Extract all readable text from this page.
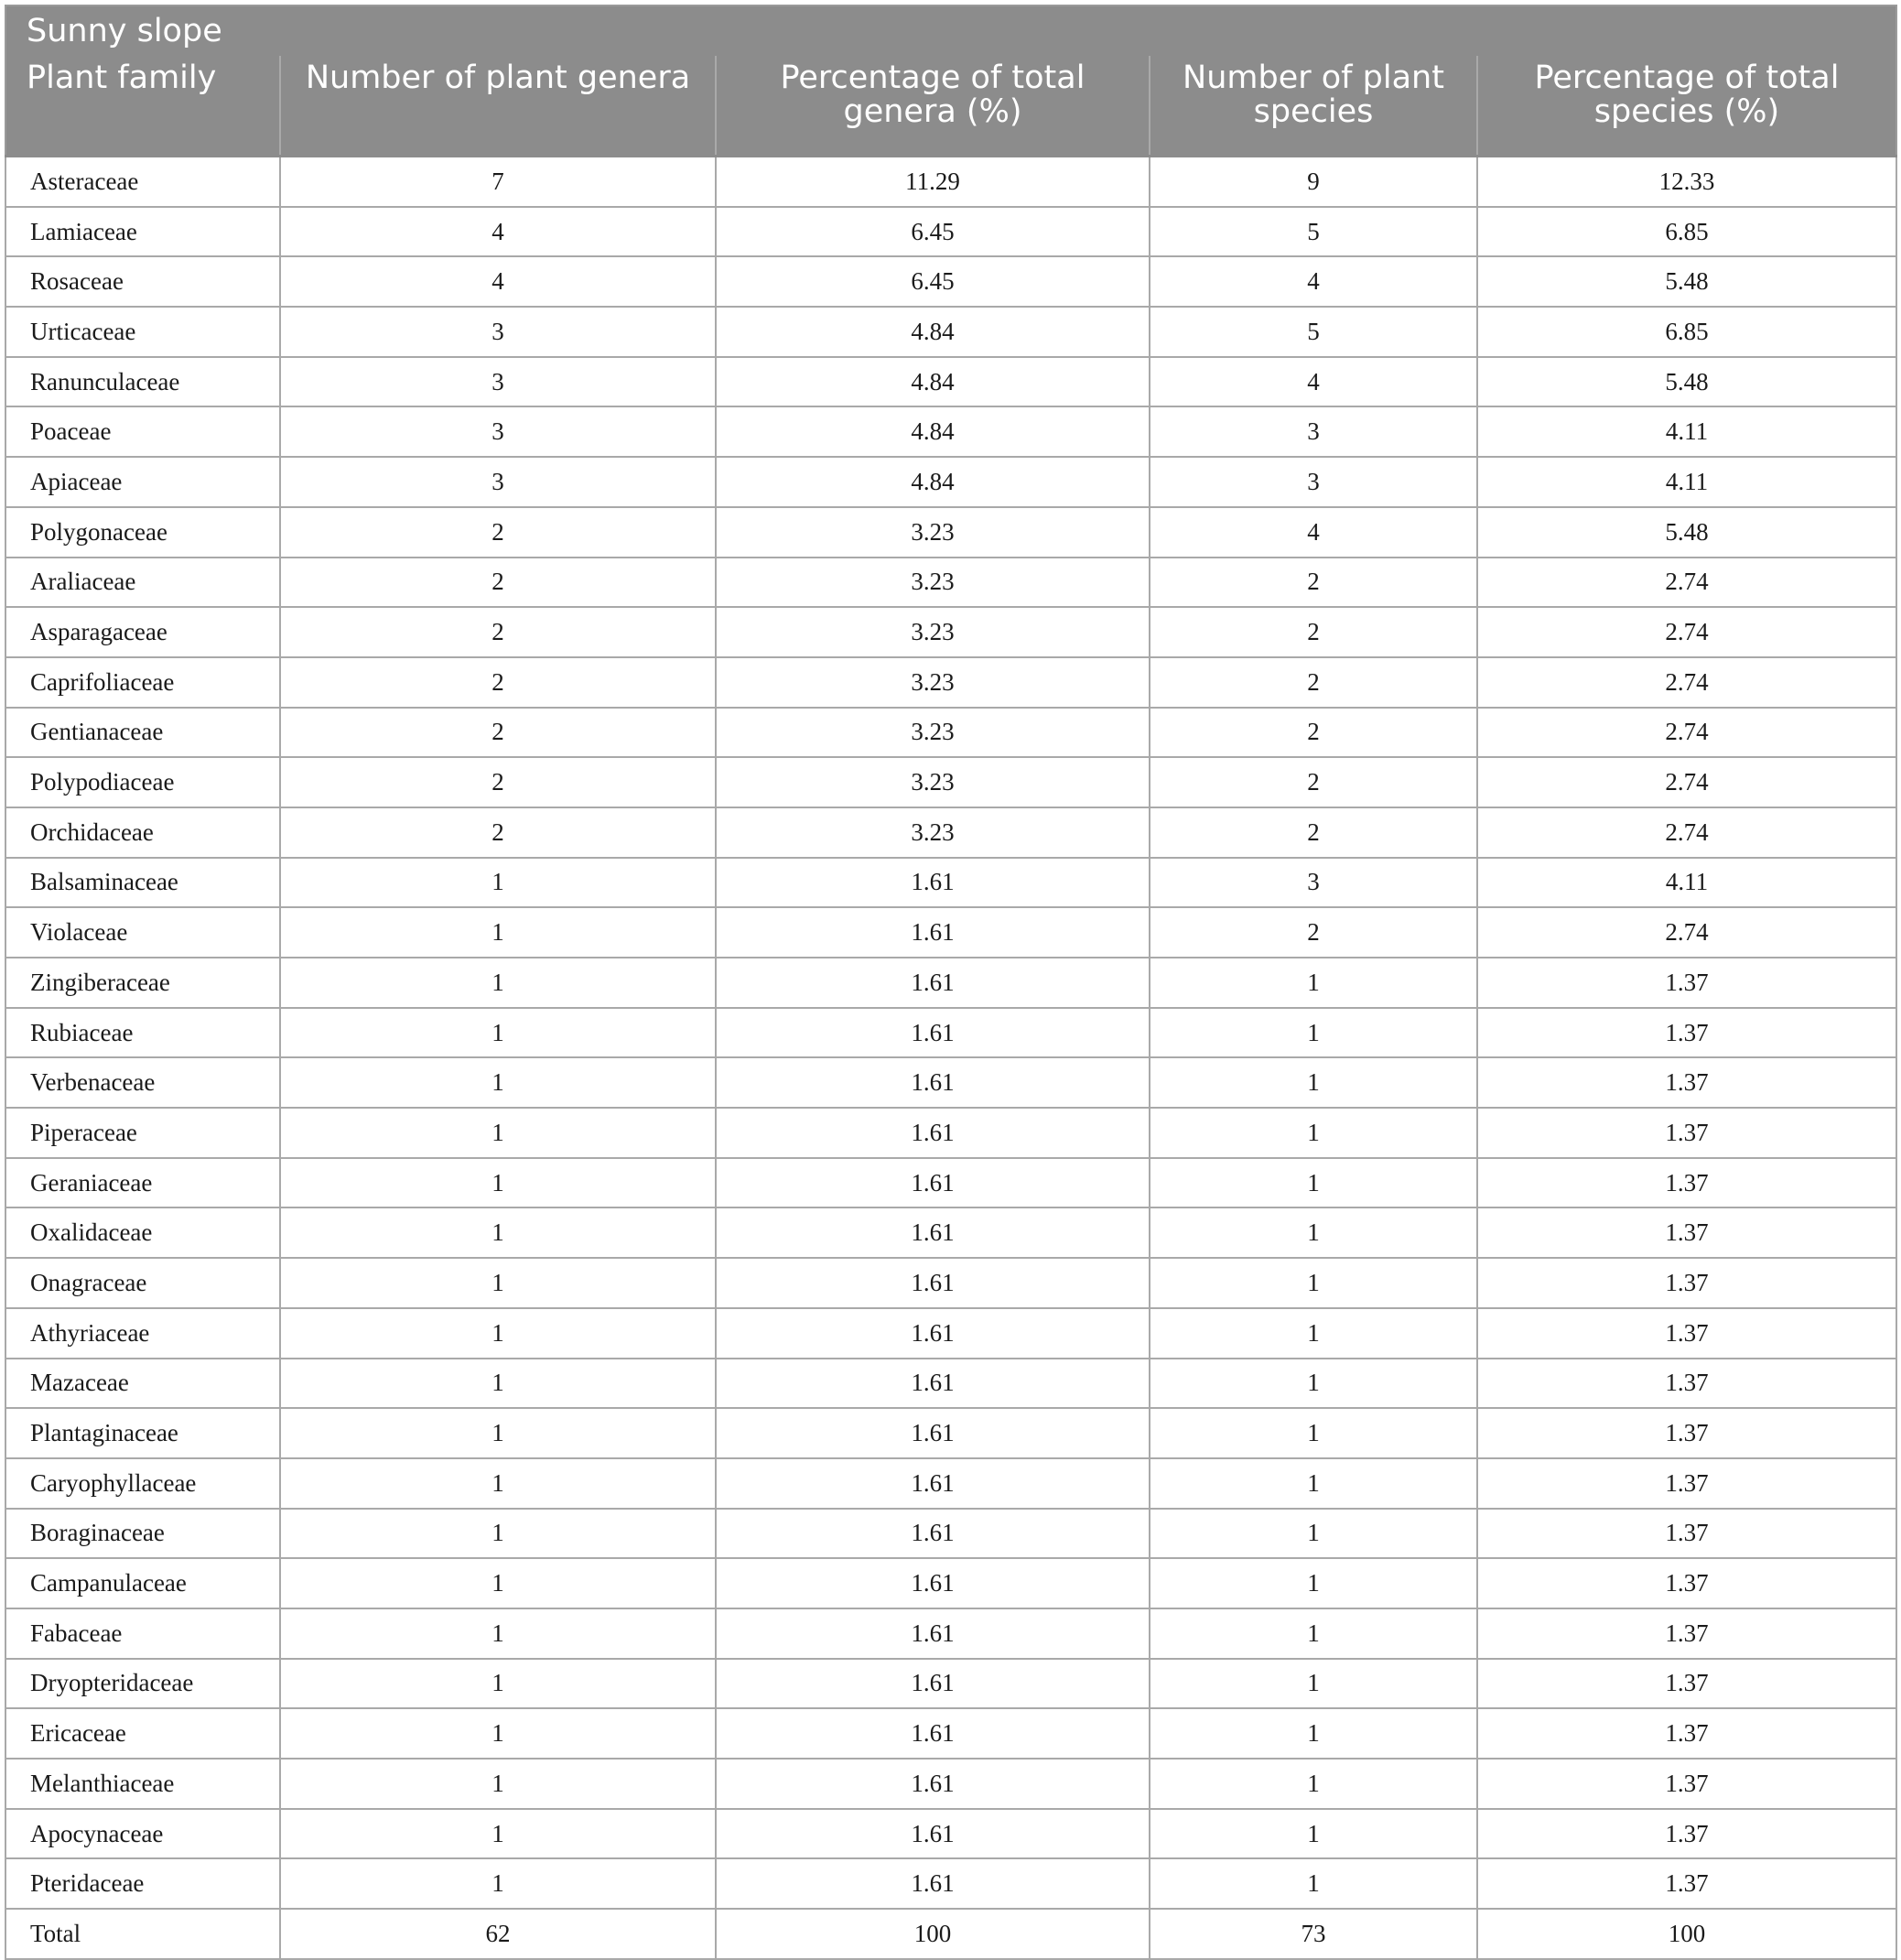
Sunny slope				
Plant family	Number of plant genera	Percentage of total genera (%)	Number of plant species	Percentage of total species (%)
Asteraceae	7	11.29	9	12.33
Lamiaceae	4	6.45	5	6.85
Rosaceae	4	6.45	4	5.48
Urticaceae	3	4.84	5	6.85
Ranunculaceae	3	4.84	4	5.48
Poaceae	3	4.84	3	4.11
Apiaceae	3	4.84	3	4.11
Polygonaceae	2	3.23	4	5.48
Araliaceae	2	3.23	2	2.74
Asparagaceae	2	3.23	2	2.74
Caprifoliaceae	2	3.23	2	2.74
Gentianaceae	2	3.23	2	2.74
Polypodiaceae	2	3.23	2	2.74
Orchidaceae	2	3.23	2	2.74
Balsaminaceae	1	1.61	3	4.11
Violaceae	1	1.61	2	2.74
Zingiberaceae	1	1.61	1	1.37
Rubiaceae	1	1.61	1	1.37
Verbenaceae	1	1.61	1	1.37
Piperaceae	1	1.61	1	1.37
Geraniaceae	1	1.61	1	1.37
Oxalidaceae	1	1.61	1	1.37
Onagraceae	1	1.61	1	1.37
Athyriaceae	1	1.61	1	1.37
Mazaceae	1	1.61	1	1.37
Plantaginaceae	1	1.61	1	1.37
Caryophyllaceae	1	1.61	1	1.37
Boraginaceae	1	1.61	1	1.37
Campanulaceae	1	1.61	1	1.37
Fabaceae	1	1.61	1	1.37
Dryopteridaceae	1	1.61	1	1.37
Ericaceae	1	1.61	1	1.37
Melanthiaceae	1	1.61	1	1.37
Apocynaceae	1	1.61	1	1.37
Pteridaceae	1	1.61	1	1.37
Total	62	100	73	100
